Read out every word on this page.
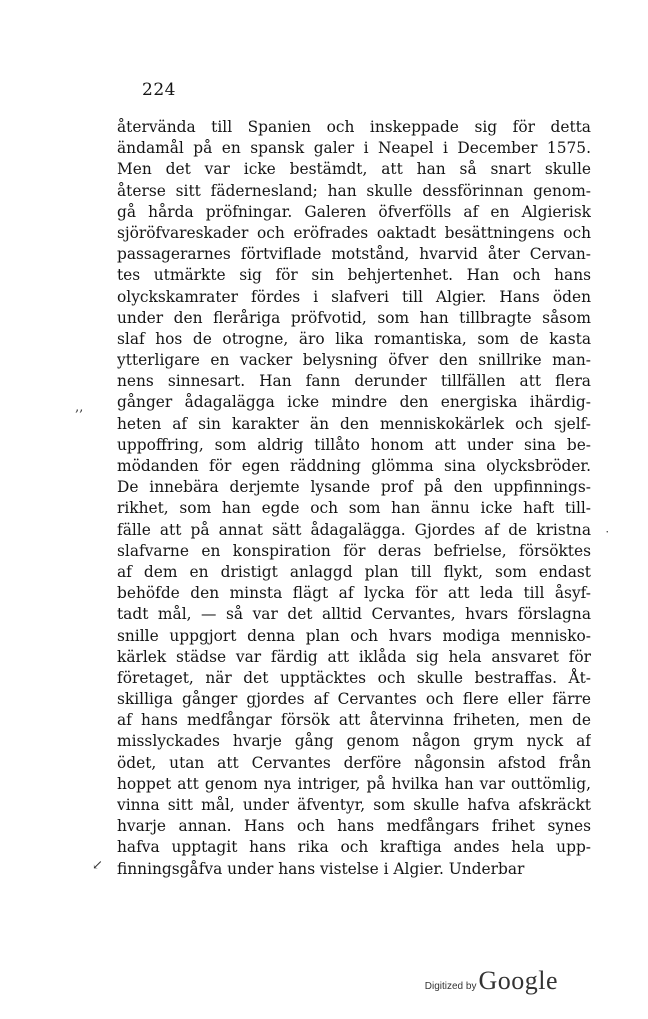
224
återvända till Spanien och inskeppade sig för detta
ändamål på en spansk galer i Neapel i December 1575.
Men det var icke bestämdt, att han så snart skulle
återse sitt fädernesland; han skulle dessförinnan genom-
gå hårda pröfningar. Galeren öfverfölls af en Algierisk
sjöröfvareskader och eröfrades oaktadt besättningens och
passagerarnes förtviflade motstånd, hvarvid åter Cervan-
tes utmärkte sig för sin behjertenhet. Han och hans
olyckskamrater fördes i slafveri till Algier. Hans öden
under den fleråriga pröfvotid, som han tillbragte såsom
slaf hos de otrogne, äro lika romantiska, som de kasta
ytterligare en vacker belysning öfver den snillrike man-
nens sinnesart. Han fann derunder tillfällen att flera
gånger ådagalägga icke mindre den energiska ihärdig-
heten af sin karakter än den menniskokärlek och sjelf-
uppoffring, som aldrig tillåto honom att under sina be-
mödanden för egen räddning glömma sina olycksbröder.
De innebära derjemte lysande prof på den uppfinnings-
rikhet, som han egde och som han ännu icke haft till-
fälle att på annat sätt ådagalägga. Gjordes af de kristna
slafvarne en konspiration för deras befrielse, försöktes
af dem en dristigt anlaggd plan till flykt, som endast
behöfde den minsta flägt af lycka för att leda till åsyf-
tadt mål, — så var det alltid Cervantes, hvars förslagna
snille uppgjort denna plan och hvars modiga mennisko-
kärlek städse var färdig att iklåda sig hela ansvaret för
företaget, när det upptäcktes och skulle bestraffas. Åt-
skilliga gånger gjordes af Cervantes och flere eller färre
af hans medfångar försök att återvinna friheten, men de
misslyckades hvarje gång genom någon grym nyck af
ödet, utan att Cervantes derföre någonsin afstod från
hoppet att genom nya intriger, på hvilka han var outtömlig,
vinna sitt mål, under äfventyr, som skulle hafva afskräckt
hvarje annan. Hans och hans medfångars frihet synes
hafva upptagit hans rika och kraftiga andes hela upp-
finningsgåfva under hans vistelse i Algier. Underbar
‚‚
↙
˙
Digitized by Google
